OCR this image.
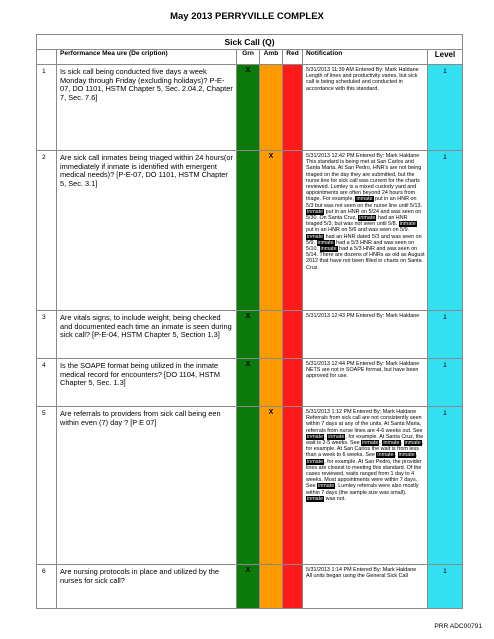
May 2013 PERRYVILLE COMPLEX
Sick Call (Q)						
	Performance Mea ure (De cription)	Grn	Amb	Red	Notification	Level
1	Is sick call being conducted five days a week Monday through Friday (excluding holidays)? P-E-07, DO 1101, HSTM Chapter 5, Sec. 2.04.2, Chapter 7, Sec. 7.6]	X			5/31/2013 11:39 AM Entered By: Mark Haldane

Length of lines and productivity varies, but sick call is being scheduled and conducted in accordance with this standard.	1
2	Are sick call inmates being triaged within 24 hours(or immediately if inmate is identified with emergent medical needs)? [P-E-07, DO 1101, HSTM Chapter 5, Sec. 3.1]		X		5/31/2013 12:42 PM Entered By: Mark Haldane

This standard is being met at San Carlos and Santa Maria. At San Pedro, HNR's are not being triaged on the day they are submitted, but the nurse line for sick call was current for the charts reviewed. Lumley is a mixed custody yard and appointments are often beyond 24 hours from triage. For example, inmate put in an HNR on 5/3 but was not seen on the nurse line until 5/13. inmate put in an HNR on 5/24 and was seen on 5/30. On Santa Cruz, inmate had an HNR triaged 5/3, but was not seen until 5/8. inmate put in an HNR on 5/6 and was seen on 5/9. inmate had an HNR dated 5/3 and was seen on 5/9. inmate had a 5/3 HNR and was seen on 5/10. inmate had a 5/3 HNR and was seen on 5/14. There are dozens of HNRs as old as August 2012 that have not been filled in charts on Santa Cruz.	1
3	Are vitals signs, to include weight, being checked and documented each time an inmate is seen during sick call? [P-E-04, HSTM Chapter 5, Section 1.3]	X			5/31/2013 12:43 PM Entered By: Mark Haldane	1
4	Is the SOAPE format being utilized in the inmate medical record for encounters? [DO 1104, HSTM Chapter 5, Sec. 1.3]	X			5/31/2013 12:44 PM Entered By: Mark Haldane

NETS are not in SOAPE format, but have been approved for use.	1
5	Are referrals to providers from sick call being een within even (7) day ? [P E 07]		X		5/31/2013 1:12 PM Entered By: Mark Haldane

Referrals from sick call are not consistently seen within 7 days at any of the units. At Santa Maria, referrals from nurse lines are 4-6 weeks out. See inmate, inmate, for example. At Santa Cruz, the wait is 2-5 weeks. See inmate, inmate, inmate, for example. At San Carlos the wait is from less than a week to 6 weeks. See inmate, inmate, inmate, for example. At San Pedro, the provider lines are closest to meeting this standard. Of the cases reviewed, waits ranged from 1 day to 4 weeks. Most appointments were within 7 days. See inmate. Lumley referrals were also mostly within 7 days (the sample size was small). inmate was not.	1
6	Are nursing protocols in place and utilized by the nurses for sick call?	X			5/31/2013 1:14 PM Entered By: Mark Haldane

All units began using the General Sick Call	1
PRR ADC00791
